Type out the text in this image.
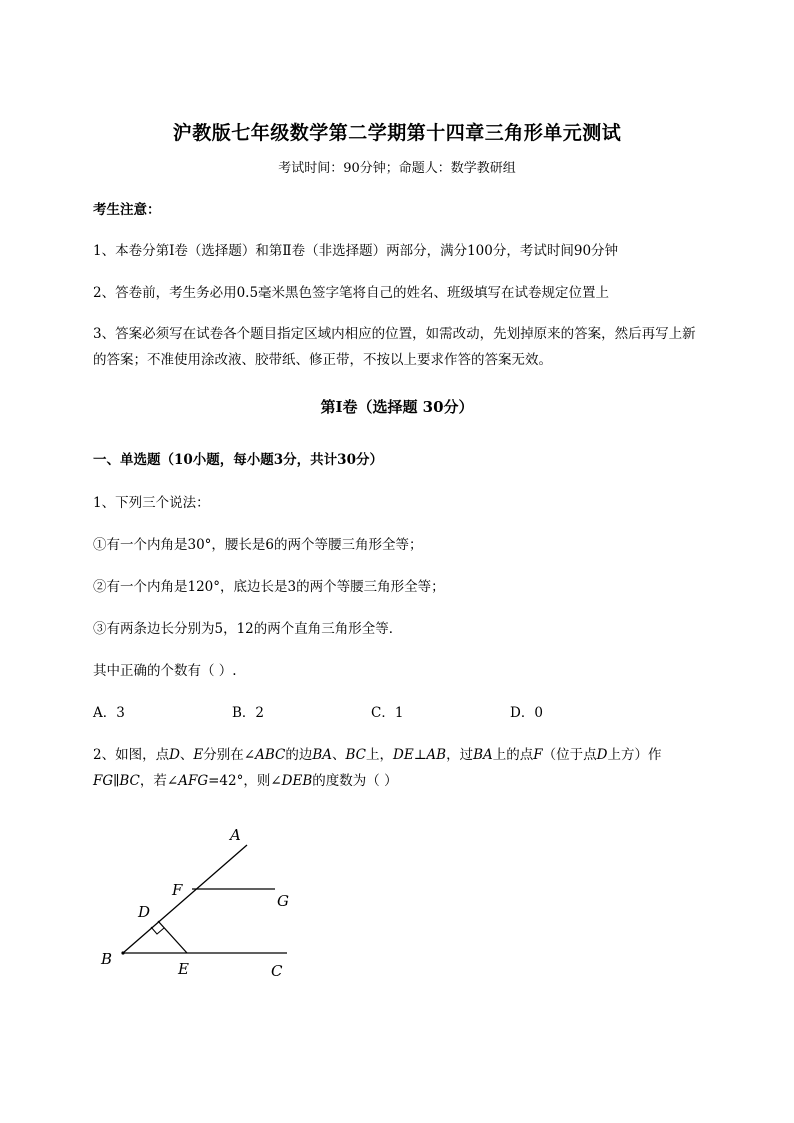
沪教版七年级数学第二学期第十四章三角形单元测试
考试时间：90分钟；命题人：数学教研组
考生注意：
1、本卷分第I卷（选择题）和第Ⅱ卷（非选择题）两部分，满分100分，考试时间90分钟
2、答卷前，考生务必用0.5毫米黑色签字笔将自己的姓名、班级填写在试卷规定位置上
3、答案必须写在试卷各个题目指定区域内相应的位置，如需改动，先划掉原来的答案，然后再写上新
的答案；不准使用涂改液、胶带纸、修正带，不按以上要求作答的答案无效。
第I卷（选择题 30分）
一、单选题（10小题，每小题3分，共计30分）
1、下列三个说法：
①有一个内角是30°，腰长是6的两个等腰三角形全等；
②有一个内角是120°，底边长是3的两个等腰三角形全等；
③有两条边长分别为5，12的两个直角三角形全等．
其中正确的个数有（ ）.
A．3	B．2	C．1	D．0
2、如图，点D、E分别在∠ABC的边BA、BC上，DE⊥AB，过BA上的点F（位于点D上方）作
FG∥BC，若∠AFG=42°，则∠DEB的度数为（ ）
A
B
C
D
E
F
G
